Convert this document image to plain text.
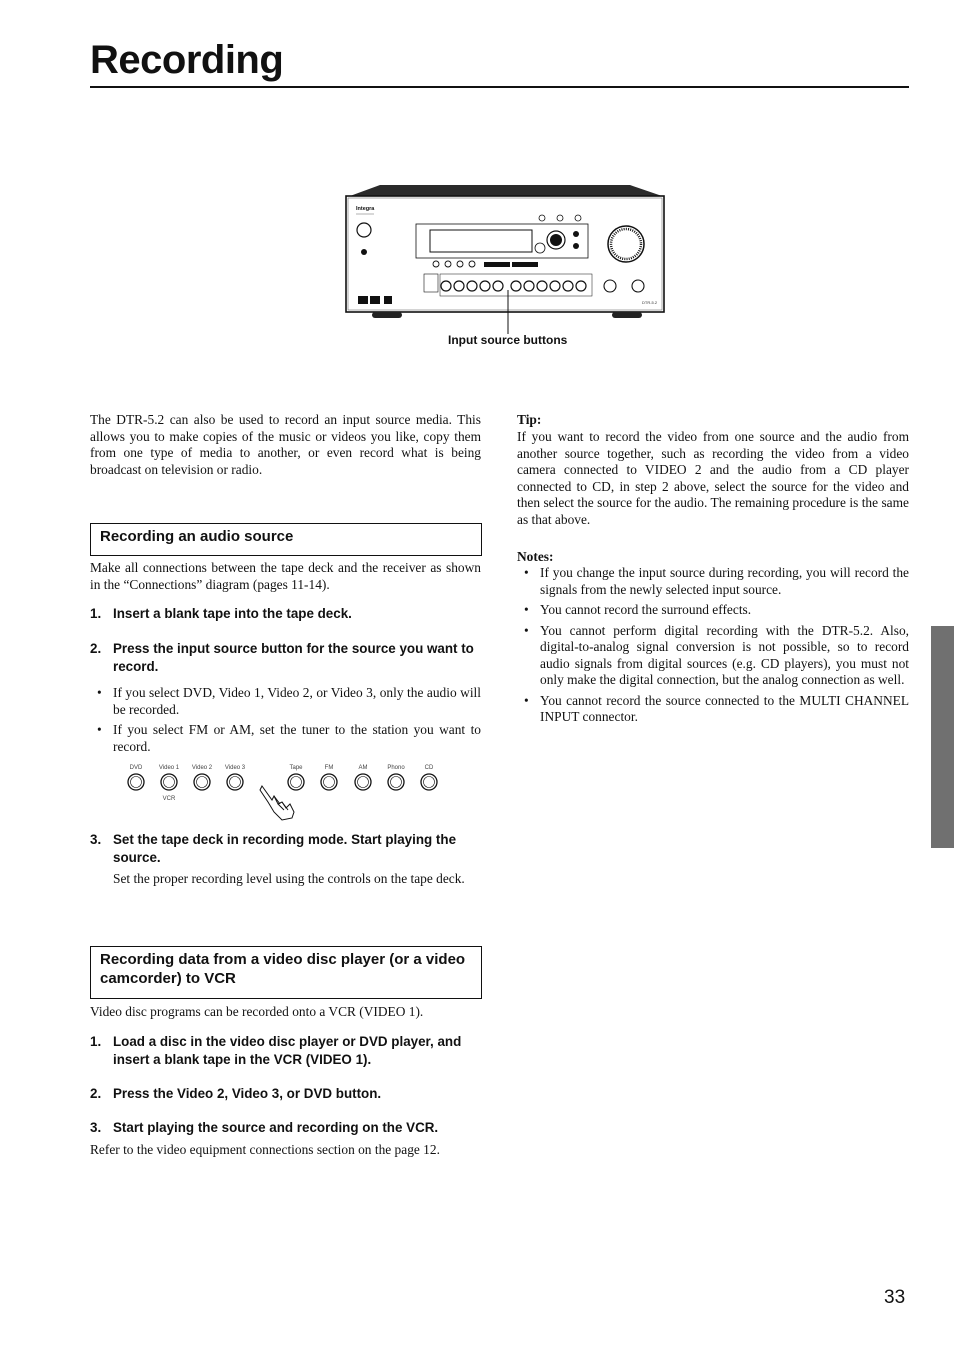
Recording
Integra
DTR-5.2
Input source buttons
The DTR-5.2 can also be used to record an input source media. This allows you to make copies of the music or videos you like, copy them from one type of media to another, or even record what is being broadcast on television or radio.
Recording an audio source
Make all connections between the tape deck and the receiver as shown in the “Connections” diagram (pages 11-14).
1. Insert a blank tape into the tape deck.
2. Press the input source button for the source you want to record.
• If you select DVD, Video 1, Video 2, or Video 3, only the audio will be recorded.
• If you select FM or AM, set the tuner to the station you want to record.
DVD	Video 1 Video 2 Video 3	Tape	FM	AM	Phono	CD
VCR
3. Set the tape deck in recording mode. Start playing the source.
Set the proper recording level using the controls on the tape deck.
Recording data from a video disc player (or a video camcorder) to VCR
Video disc programs can be recorded onto a VCR (VIDEO 1).
1. Load a disc in the video disc player or DVD player, and insert a blank tape in the VCR (VIDEO 1).
2. Press the Video 2, Video 3, or DVD button.
3. Start playing the source and recording on the VCR.
Refer to the video equipment connections section on the page 12.
Tip:
If you want to record the video from one source and the audio from another source together, such as recording the video from a video camera connected to VIDEO 2 and the audio from a CD player connected to CD, in step 2 above, select the source for the video and then select the source for the audio. The remaining procedure is the same as that above.
Notes:
• If you change the input source during recording, you will record the signals from the newly selected input source.
• You cannot record the surround effects.
• You cannot perform digital recording with the DTR-5.2. Also, digital-to-analog signal conversion is not possible, so to record audio signals from digital sources (e.g. CD players), you must not only make the digital connection, but the analog connection as well.
• You cannot record the source connected to the MULTI CHANNEL INPUT connector.
33
